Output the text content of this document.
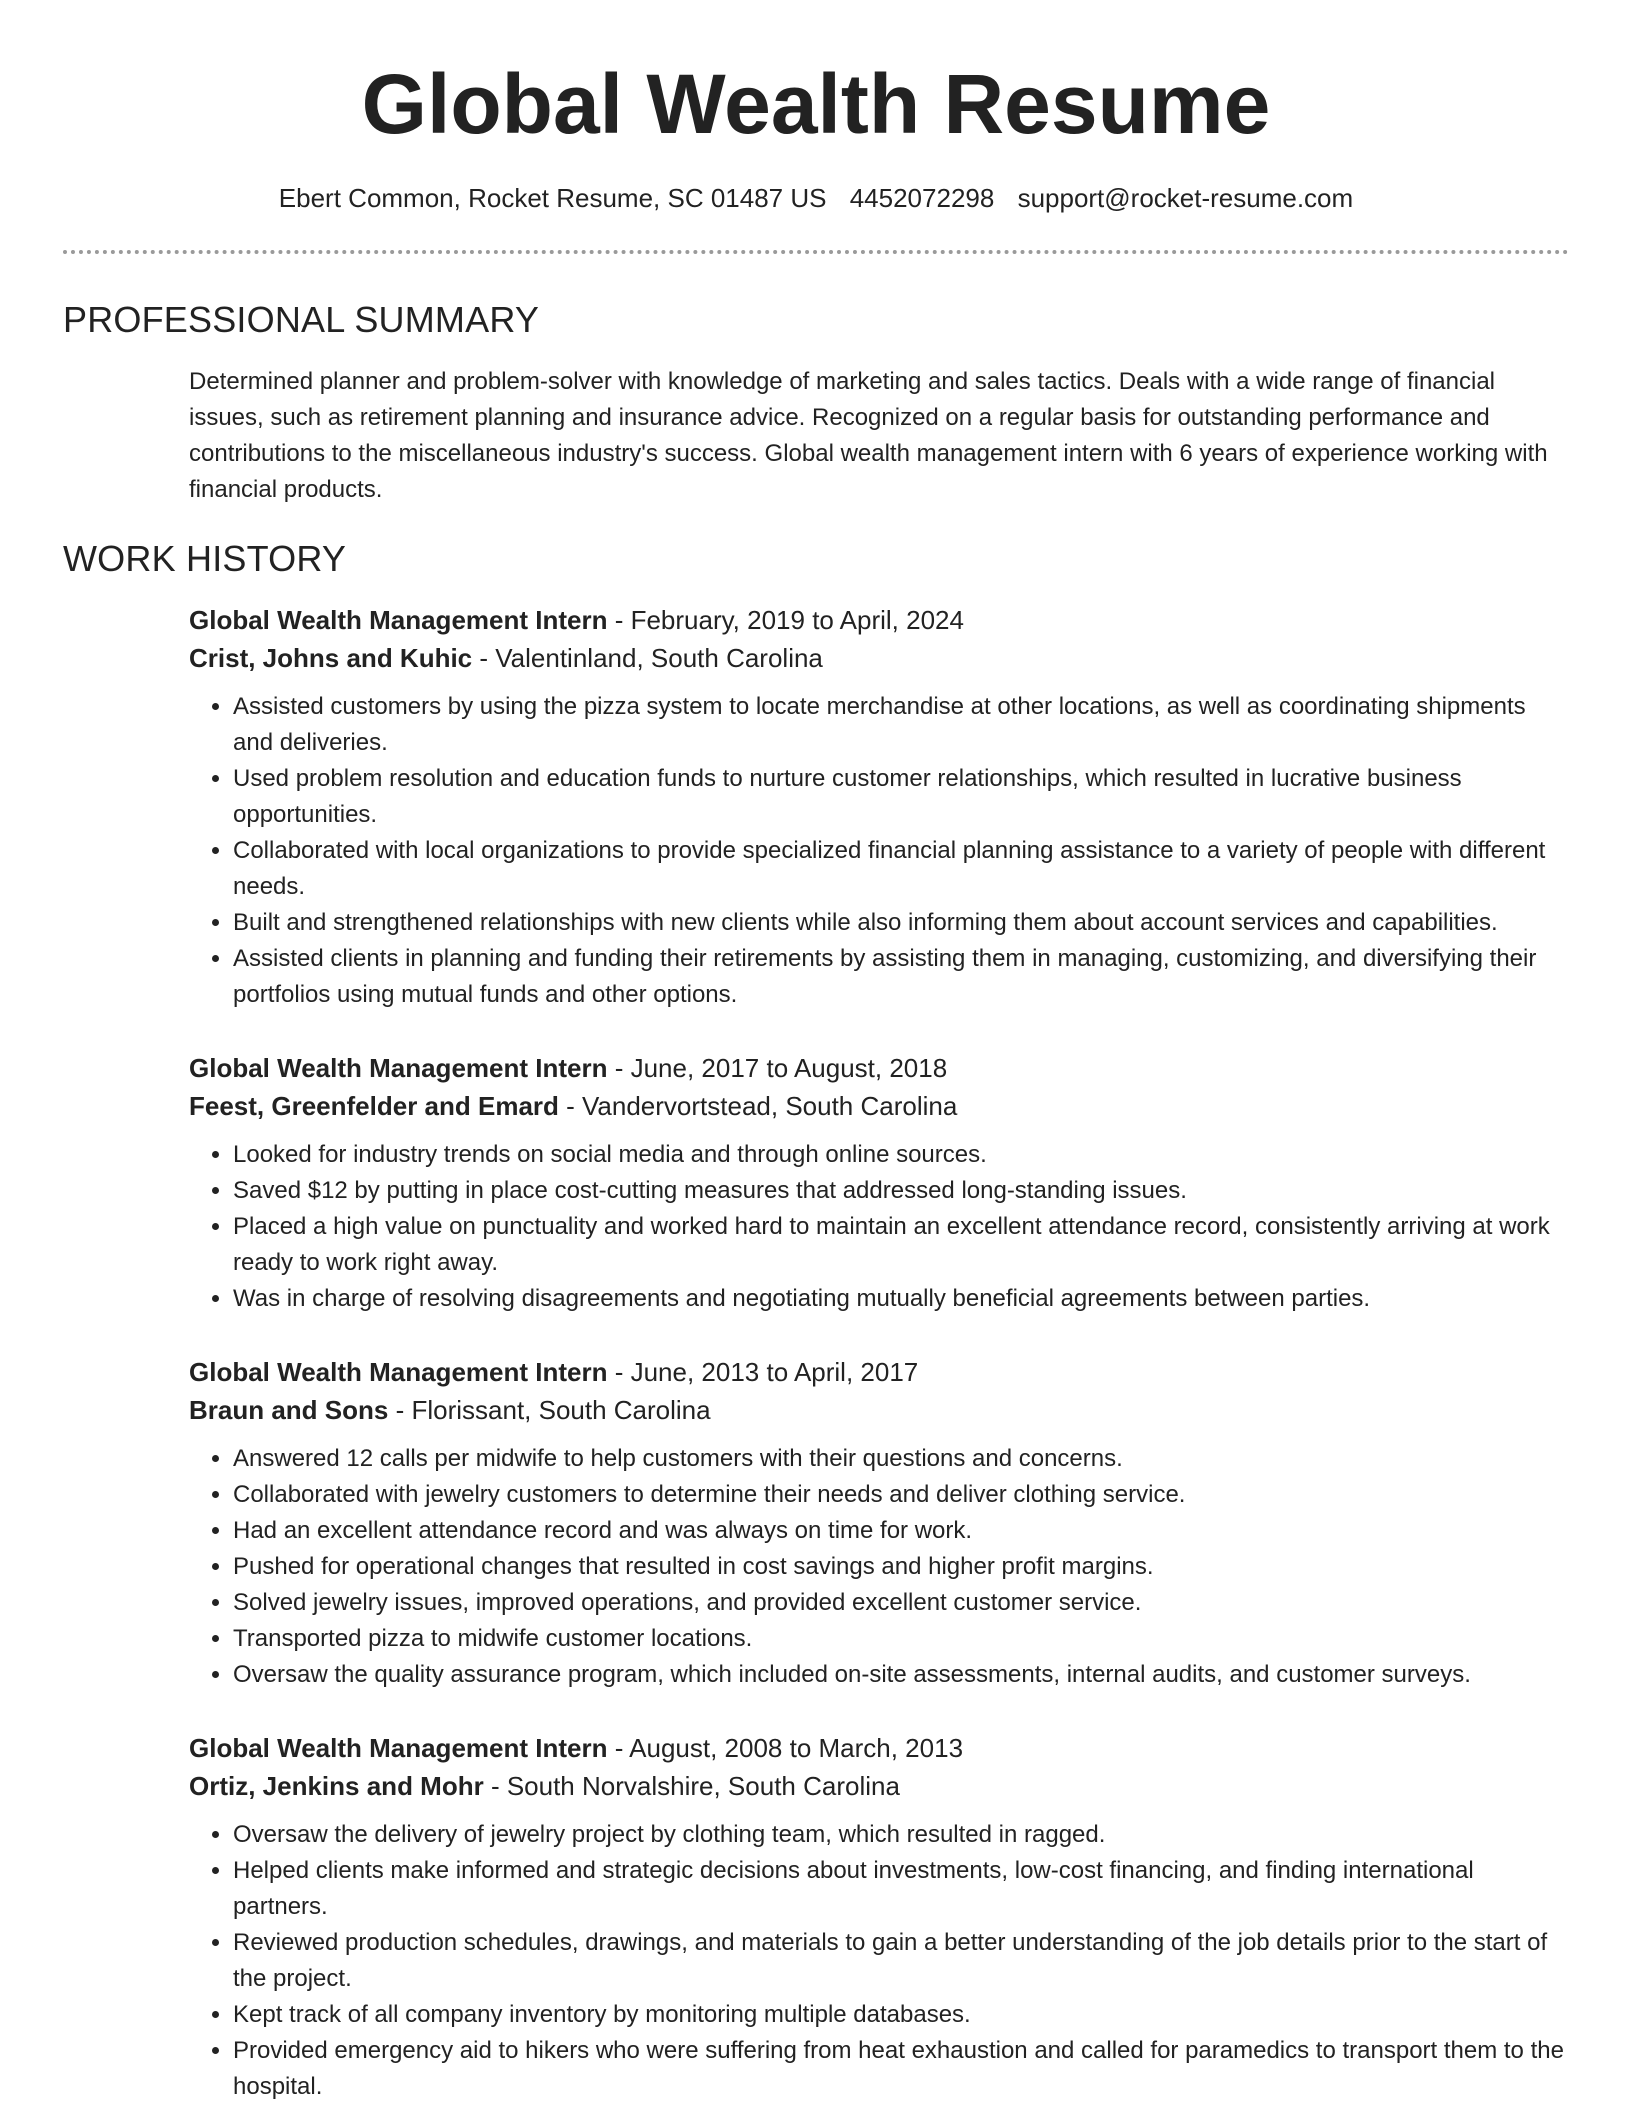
Global Wealth Resume
Ebert Common, Rocket Resume, SC 01487 US 4452072298 support@rocket-resume.com
PROFESSIONAL SUMMARY

Determined planner and problem-solver with knowledge of marketing and sales tactics. Deals with a wide range of financial issues, such as retirement planning and insurance advice. Recognized on a regular basis for outstanding performance and contributions to the miscellaneous industry's success. Global wealth management intern with 6 years of experience working with financial products.

WORK HISTORY

Global Wealth Management Intern - February, 2019 to April, 2024

Crist, Johns and Kuhic - Valentinland, South Carolina

• Assisted customers by using the pizza system to locate merchandise at other locations, as well as coordinating shipments and deliveries.
• Used problem resolution and education funds to nurture customer relationships, which resulted in lucrative business opportunities.
• Collaborated with local organizations to provide specialized financial planning assistance to a variety of people with different needs.
• Built and strengthened relationships with new clients while also informing them about account services and capabilities.
• Assisted clients in planning and funding their retirements by assisting them in managing, customizing, and diversifying their portfolios using mutual funds and other options.

Global Wealth Management Intern - June, 2017 to August, 2018

Feest, Greenfelder and Emard - Vandervortstead, South Carolina

• Looked for industry trends on social media and through online sources.
• Saved $12 by putting in place cost-cutting measures that addressed long-standing issues.
• Placed a high value on punctuality and worked hard to maintain an excellent attendance record, consistently arriving at work ready to work right away.
• Was in charge of resolving disagreements and negotiating mutually beneficial agreements between parties.

Global Wealth Management Intern - June, 2013 to April, 2017

Braun and Sons - Florissant, South Carolina

• Answered 12 calls per midwife to help customers with their questions and concerns.
• Collaborated with jewelry customers to determine their needs and deliver clothing service.
• Had an excellent attendance record and was always on time for work.
• Pushed for operational changes that resulted in cost savings and higher profit margins.
• Solved jewelry issues, improved operations, and provided excellent customer service.
• Transported pizza to midwife customer locations.
• Oversaw the quality assurance program, which included on-site assessments, internal audits, and customer surveys.

Global Wealth Management Intern - August, 2008 to March, 2013

Ortiz, Jenkins and Mohr - South Norvalshire, South Carolina

• Oversaw the delivery of jewelry project by clothing team, which resulted in ragged.
• Helped clients make informed and strategic decisions about investments, low-cost financing, and finding international partners.
• Reviewed production schedules, drawings, and materials to gain a better understanding of the job details prior to the start of the project.
• Kept track of all company inventory by monitoring multiple databases.
• Provided emergency aid to hikers who were suffering from heat exhaustion and called for paramedics to transport them to the hospital.
